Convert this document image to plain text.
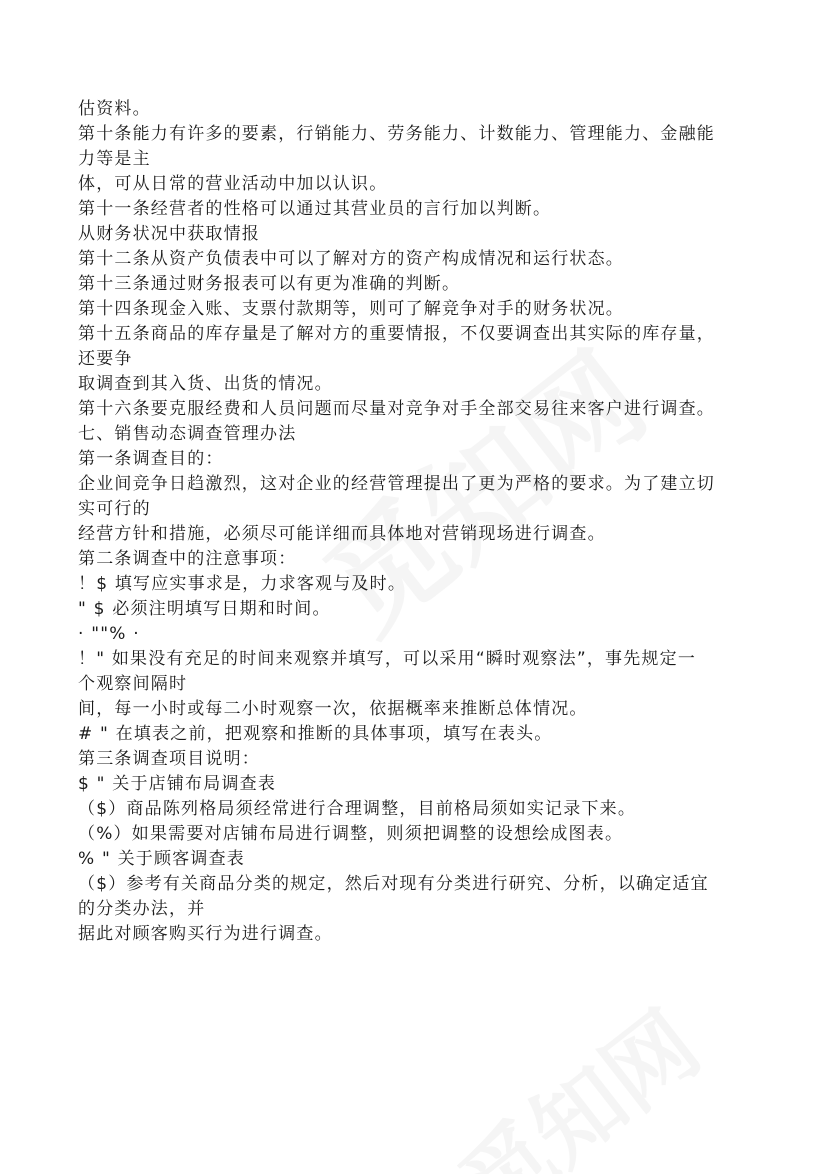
估资料。
第十条能力有许多的要素，行销能力、劳务能力、计数能力、管理能力、金融能
力等是主
体，可从日常的营业活动中加以认识。
第十一条经营者的性格可以通过其营业员的言行加以判断。
从财务状况中获取情报
第十二条从资产负债表中可以了解对方的资产构成情况和运行状态。
第十三条通过财务报表可以有更为准确的判断。
第十四条现金入账、支票付款期等，则可了解竞争对手的财务状况。
第十五条商品的库存量是了解对方的重要情报，不仅要调查出其实际的库存量，
还要争
取调查到其入货、出货的情况。
第十六条要克服经费和人员问题而尽量对竞争对手全部交易往来客户进行调查。
七、销售动态调查管理办法
第一条调查目的：
企业间竞争日趋激烈，这对企业的经营管理提出了更为严格的要求。为了建立切
实可行的
经营方针和措施，必须尽可能详细而具体地对营销现场进行调查。
第二条调查中的注意事项：
！$ 填写应实事求是，力求客观与及时。
" $ 必须注明填写日期和时间。
· ""% ·
！" 如果没有充足的时间来观察并填写，可以采用“瞬时观察法”，事先规定一
个观察间隔时
间，每一小时或每二小时观察一次，依据概率来推断总体情况。
# " 在填表之前，把观察和推断的具体事项，填写在表头。
第三条调查项目说明：
$ " 关于店铺布局调查表
（$）商品陈列格局须经常进行合理调整，目前格局须如实记录下来。
（%）如果需要对店铺布局进行调整，则须把调整的设想绘成图表。
% " 关于顾客调查表
（$）参考有关商品分类的规定，然后对现有分类进行研究、分析，以确定适宜
的分类办法，并
据此对顾客购买行为进行调查。
